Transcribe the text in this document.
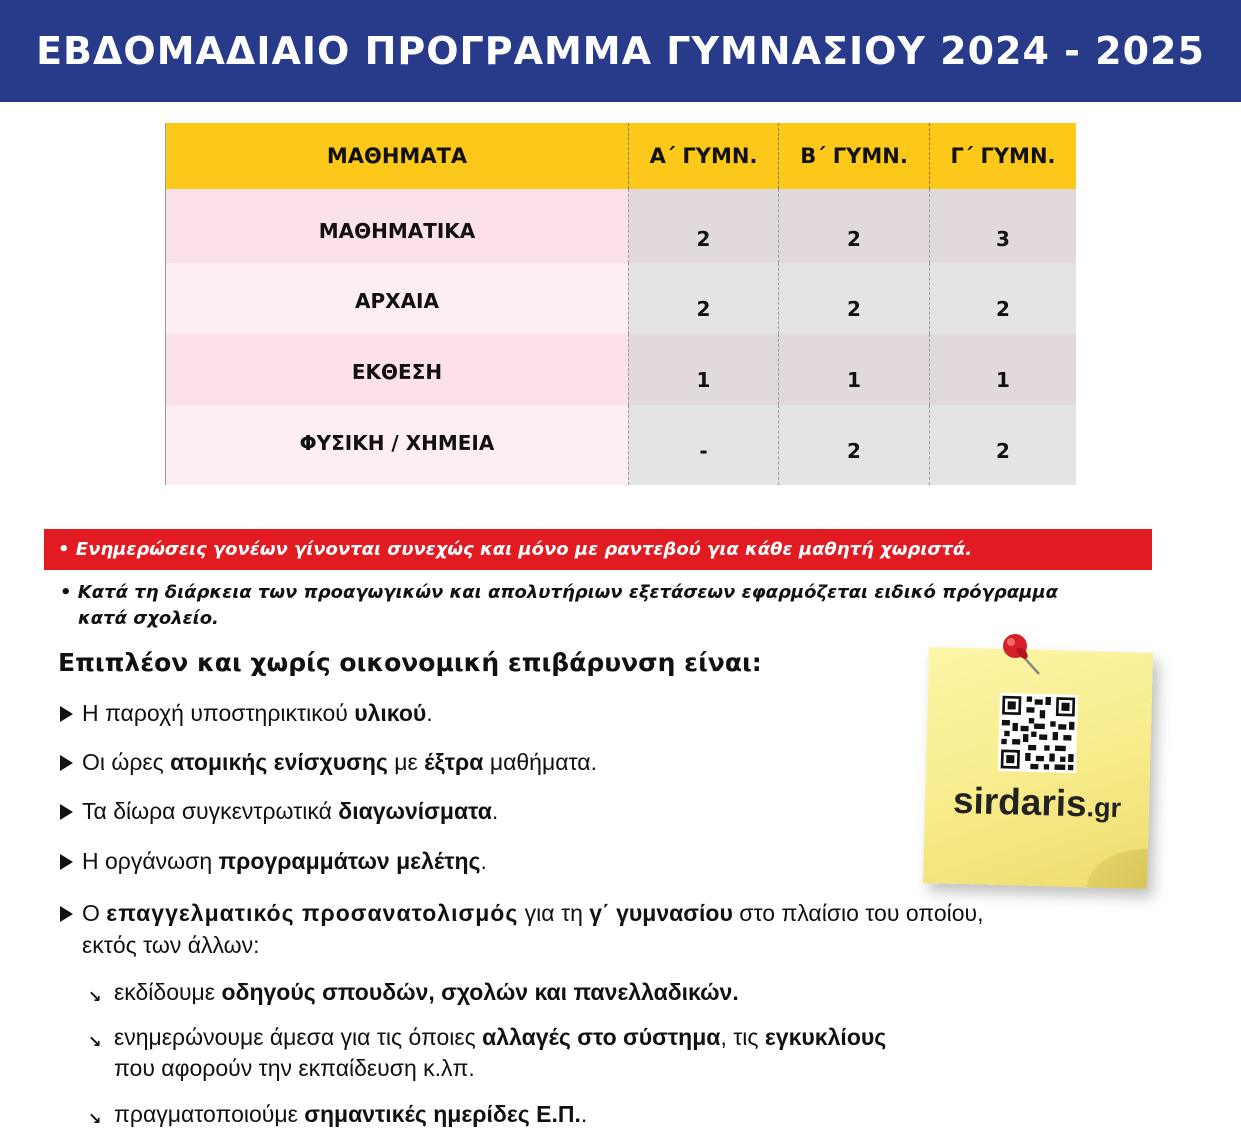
ΕΒΔΟΜΑΔΙΑΙΟ ΠΡΟΓΡΑΜΜΑ ΓΥΜΝΑΣΙΟΥ 2024 - 2025
ΜΑΘΗΜΑΤΑ	Α΄ ΓΥΜΝ.	Β΄ ΓΥΜΝ.	Γ΄ ΓΥΜΝ.
ΜΑΘΗΜΑΤΙΚΑ	2	2	3
ΑΡΧΑΙΑ	2	2	2
ΕΚΘΕΣΗ	1	1	1
ΦΥΣΙΚΗ / ΧΗΜΕΙΑ	-	2	2
• Ενημερώσεις γονέων γίνονται συνεχώς και μόνο με ραντεβού για κάθε μαθητή χωριστά.
• Κατά τη διάρκεια των προαγωγικών και απολυτήριων εξετάσεων εφαρμόζεται ειδικό πρόγραμμα
κατά σχολείο.
Επιπλέον και χωρίς οικονομική επιβάρυνση είναι:
Η παροχή υποστηρικτικού υλικού.
Οι ώρες ατομικής ενίσχυσης με έξτρα μαθήματα.
Τα δίωρα συγκεντρωτικά διαγωνίσματα.
Η οργάνωση προγραμμάτων μελέτης.
Ο επαγγελματικός προσανατολισμός για τη γ΄ γυμνασίου στο πλαίσιο του οποίου,
εκτός των άλλων:
↘ εκδίδουμε οδηγούς σπουδών, σχολών και πανελλαδικών.
↘ ενημερώνουμε άμεσα για τις όποιες αλλαγές στο σύστημα, τις εγκυκλίους
που αφορούν την εκπαίδευση κ.λπ.
↘ πραγματοποιούμε σημαντικές ημερίδες Ε.Π..
sirdaris.gr
